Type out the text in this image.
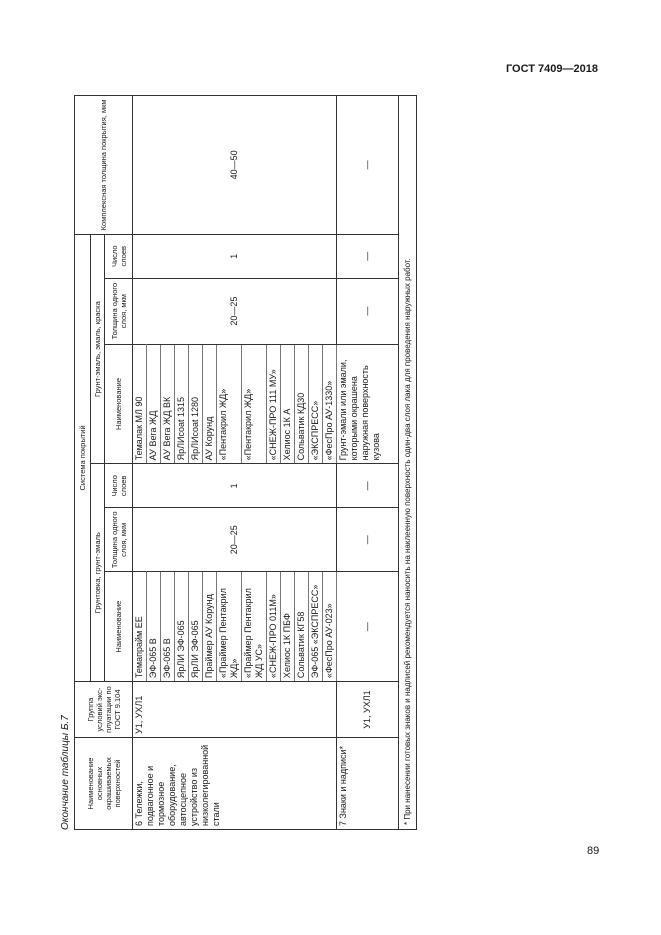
ГОСТ 7409—2018
Окончание таблицы Б.7 Наименование основных окрашиваемых поверхностей	Группа условий экс-плуатации по ГОСТ 9.104	Система покрытий						Комплексная толщина покрытия, мкм
		Грунтовка, грунт-эмаль			Грунт-эмаль, эмаль, краска			
		Наименование	Толщина одного слоя, мкм	Число слоев	Наименование	Толщина одного слоя, мкм	Число слоев	
6 Тележки, подвагонное и тормозное оборудование, автосцепное устройство из низколегированной стали	У1, УХЛ1	Темапрайм ЕЕ	20—25	1	Темалак МЛ 90	20—25	1	40—50
		ЭФ-065 В			АУ Вега ЖД			
		ЭФ-065 В			АУ Вега ЖД ВК			
		ЯрЛИ ЭФ-065			ЯрЛИcoat 1315			
		ЯрЛИ ЭФ-065			ЯрЛИcoat 1280			
		Праймер АУ Корунд			АУ Корунд			
		«Праймер Пентакрил ЖД»			«Пентакрил ЖД»			
		«Праймер Пентакрил ЖД УС»			«Пентакрил ЖД»			
		«СНЕЖ-ПРО 011М»			«СНЕЖ-ПРО 111 МУ»			
		Хелиос 1К ПБФ			Хелиос 1К А			
		Сольватик КГ58			Сольватик КД30			
		ЭФ-065 «ЭКСПРЕСС»			«ЭКСПРЕСС»			
		«ФесПро АУ-023»			«ФесПро АУ-1330»			
7 Знаки и надписи*	У1, УХЛ1	—	—	—	Грунт-эмали или эмали, которыми окрашена наружная поверхность кузова	—	—	—
* При нанесении готовых знаков и надписей рекомендуется наносить на наклеенную поверхность один-два слоя лака для проведения наружных работ.								
89
